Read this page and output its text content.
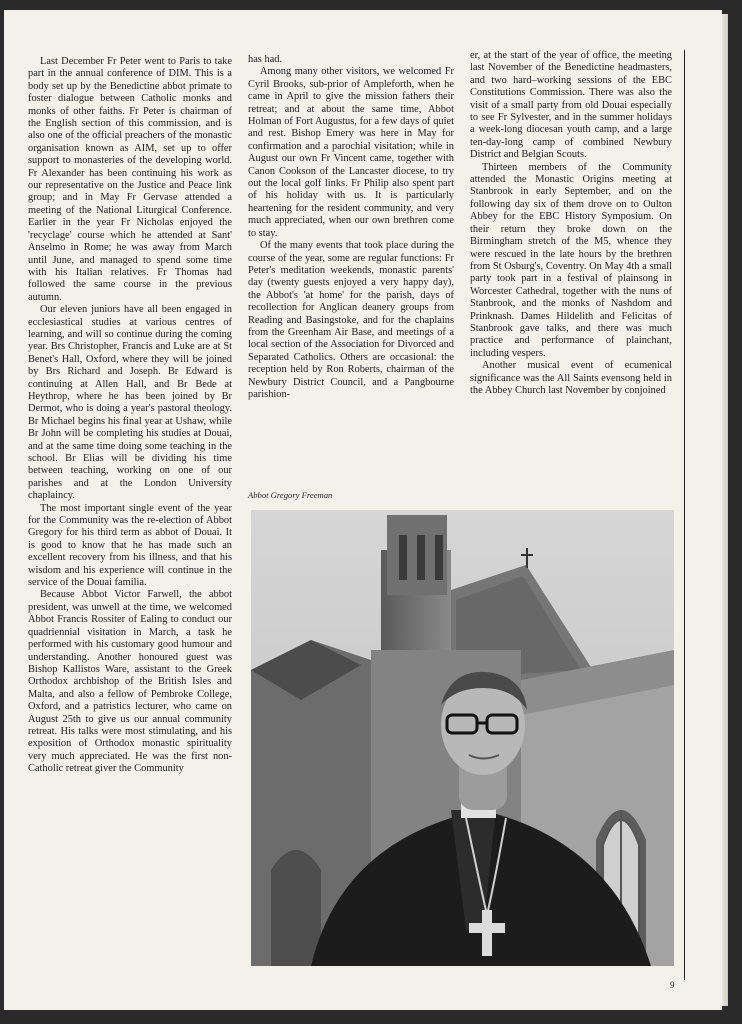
Last December Fr Peter went to Paris to take part in the annual conference of DIM. This is a body set up by the Benedictine abbot primate to foster dialogue between Catholic monks and monks of other faiths. Fr Peter is chairman of the English section of this commission, and is also one of the official preachers of the monastic organisation known as AIM, set up to offer support to monasteries of the developing world. Fr Alexander has been continuing his work as our representative on the Justice and Peace link group; and in May Fr Gervase attended a meeting of the National Liturgical Conference. Earlier in the year Fr Nicholas enjoyed the 'recyclage' course which he attended at Sant' Anselmo in Rome; he was away from March until June, and managed to spend some time with his Italian relatives. Fr Thomas had followed the same course in the previous autumn.

Our eleven juniors have all been engaged in ecclesiastical studies at various centres of learning, and will so continue during the coming year. Brs Christopher, Francis and Luke are at St Benet's Hall, Oxford, where they will be joined by Brs Richard and Joseph. Br Edward is continuing at Allen Hall, and Br Bede at Heythrop, where he has been joined by Br Dermot, who is doing a year's pastoral theology. Br Michael begins his final year at Ushaw, while Br John will be completing his studies at Douai, and at the same time doing some teaching in the school. Br Elias will be dividing his time between teaching, working on one of our parishes and at the London University chaplaincy.

The most important single event of the year for the Community was the re-election of Abbot Gregory for his third term as abbot of Douai. It is good to know that he has made such an excellent recovery from his illness, and that his wisdom and his experience will continue in the service of the Douai familia.

Because Abbot Victor Farwell, the abbot president, was unwell at the time, we welcomed Abbot Francis Rossiter of Ealing to conduct our quadriennial visitation in March, a task he performed with his customary good humour and understanding. Another honoured guest was Bishop Kallistos Ware, assistant to the Greek Orthodox archbishop of the British Isles and Malta, and also a fellow of Pembroke College, Oxford, and a patristics lecturer, who came on August 25th to give us our annual community retreat. His talks were most stimulating, and his exposition of Orthodox monastic spirituality very much appreciated. He was the first non-Catholic retreat giver the Community

has had.

Among many other visitors, we welcomed Fr Cyril Brooks, sub-prior of Ampleforth, when he came in April to give the mission fathers their retreat; and at about the same time, Abbot Holman of Fort Augustus, for a few days of quiet and rest. Bishop Emery was here in May for confirmation and a parochial visitation; while in August our own Fr Vincent came, together with Canon Cookson of the Lancaster diocese, to try out the local golf links. Fr Philip also spent part of his holiday with us. It is particularly heartening for the resident community, and very much appreciated, when our own brethren come to stay.

Of the many events that took place during the course of the year, some are regular functions: Fr Peter's meditation weekends, monastic parents' day (twenty guests enjoyed a very happy day), the Abbot's 'at home' for the parish, days of recollection for Anglican deanery groups from Reading and Basingstoke, and for the chaplains from the Greenham Air Base, and meetings of a local section of the Association for Divorced and Separated Catholics. Others are occasional: the reception held by Ron Roberts, chairman of the Newbury District Council, and a Pangbourne parishion-

er, at the start of the year of office, the meeting last November of the Benedictine headmasters, and two hard–working sessions of the EBC Constitutions Commission. There was also the visit of a small party from old Douai especially to see Fr Sylvester, and in the summer holidays a week-long diocesan youth camp, and a large ten-day-long camp of combined Newbury District and Belgian Scouts.

Thirteen members of the Community attended the Monastic Origins meeting at Stanbrook in early September, and on the following day six of them drove on to Oulton Abbey for the EBC History Symposium. On their return they broke down on the Birmingham stretch of the M5, whence they were rescued in the late hours by the brethren from St Osburg's, Coventry. On May 4th a small party took part in a festival of plainsong in Worcester Cathedral, together with the nuns of Stanbrook, and the monks of Nashdom and Prinknash. Dames Hildelith and Felicitas of Stanbrook gave talks, and there was much practice and performance of plainchant, including vespers.

Another musical event of ecumenical significance was the All Saints evensong held in the Abbey Church last November by conjoined

Abbot Gregory Freeman
9
